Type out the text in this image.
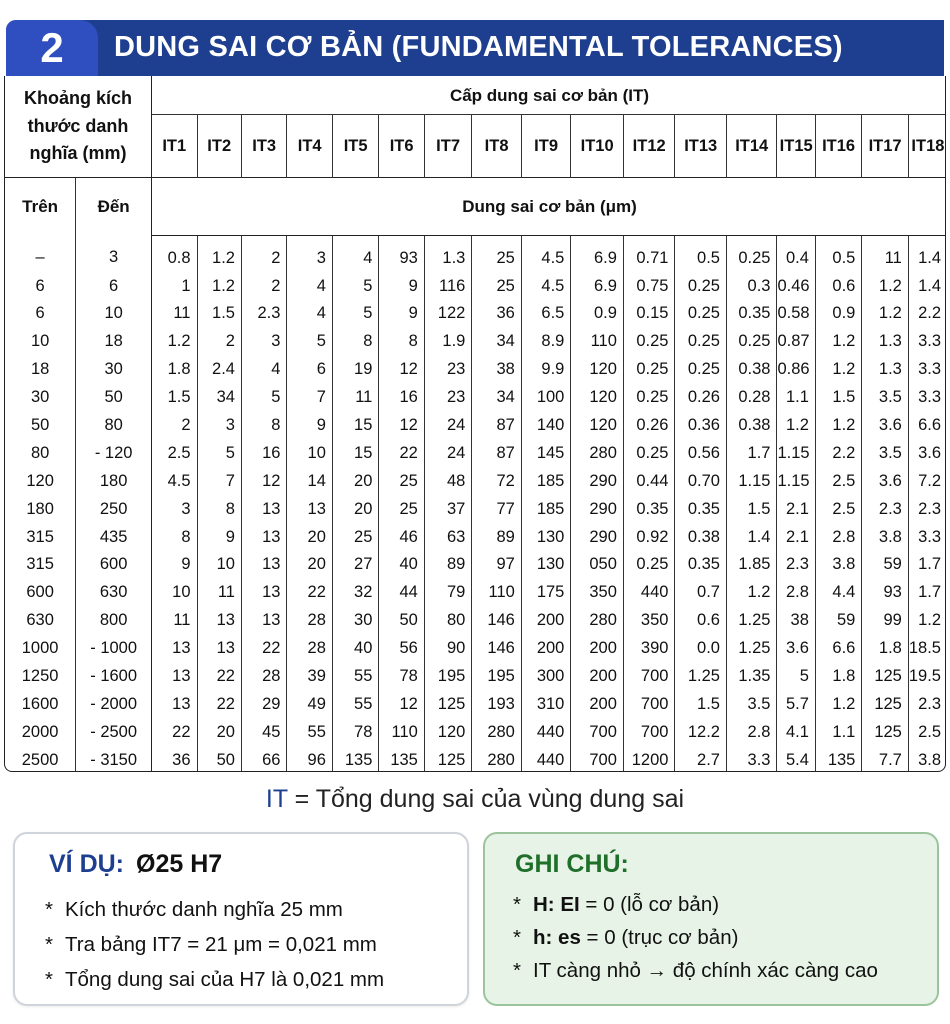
2	DUNG SAI CƠ BẢN (FUNDAMENTAL TOLERANCES)
Khoảng kích
thước danh
nghĩa (mm)		Cấp dung sai cơ bản (IT)																
		IT1	IT2	IT3	IT4	IT5	IT6	IT7	IT8	IT9	IT10	IT12	IT13	IT14	IT15	IT16	IT17	IT18
Trên	Đến	Dung sai cơ bản (μm)																
–	3	0.8	1.2	2	3	4	93	1.3	25	4.5	6.9	0.71	0.5	0.25	0.4	0.5	11	1.4
6	6	1	1.2	2	4	5	9	116	25	4.5	6.9	0.75	0.25	0.3	0.46	0.6	1.2	1.4
6	10	11	1.5	2.3	4	5	9	122	36	6.5	0.9	0.15	0.25	0.35	0.58	0.9	1.2	2.2
10	18	1.2	2	3	5	8	8	1.9	34	8.9	110	0.25	0.25	0.25	0.87	1.2	1.3	3.3
18	30	1.8	2.4	4	6	19	12	23	38	9.9	120	0.25	0.25	0.38	0.86	1.2	1.3	3.3
30	50	1.5	34	5	7	11	16	23	34	100	120	0.25	0.26	0.28	1.1	1.5	3.5	3.3
50	80	2	3	8	9	15	12	24	87	140	120	0.26	0.36	0.38	1.2	1.2	3.6	6.6
80	- 120	2.5	5	16	10	15	22	24	87	145	280	0.25	0.56	1.7	1.15	2.2	3.5	3.6
120	180	4.5	7	12	14	20	25	48	72	185	290	0.44	0.70	1.15	1.15	2.5	3.6	7.2
180	250	3	8	13	13	20	25	37	77	185	290	0.35	0.35	1.5	2.1	2.5	2.3	2.3
315	435	8	9	13	20	25	46	63	89	130	290	0.92	0.38	1.4	2.1	2.8	3.8	3.3
315	600	9	10	13	20	27	40	89	97	130	050	0.25	0.35	1.85	2.3	3.8	59	1.7
600	630	10	11	13	22	32	44	79	110	175	350	440	0.7	1.2	2.8	4.4	93	1.7
630	800	11	13	13	28	30	50	80	146	200	280	350	0.6	1.25	38	59	99	1.2
1000	- 1000	13	13	22	28	40	56	90	146	200	200	390	0.0	1.25	3.6	6.6	1.8	18.5
1250	- 1600	13	22	28	39	55	78	195	195	300	200	700	1.25	1.35	5	1.8	125	19.5
1600	- 2000	13	22	29	49	55	12	125	193	310	200	700	1.5	3.5	5.7	1.2	125	2.3
2000	- 2500	22	20	45	55	78	110	120	280	440	700	700	12.2	2.8	4.1	1.1	125	2.5
2500	- 3150	36	50	66	96	135	135	125	280	440	700	1200	2.7	3.3	5.4	135	7.7	3.8
IT = Tổng dung sai của vùng dung sai
VÍ DỤ: Ø25 H7
* Kích thước danh nghĩa 25 mm
* Tra bảng IT7 = 21 μm = 0,021 mm
* Tổng dung sai của H7 là 0,021 mm
GHI CHÚ:
* H: EI = 0 (lỗ cơ bản)
* h: es = 0 (trục cơ bản)
* IT càng nhỏ → độ chính xác càng cao
